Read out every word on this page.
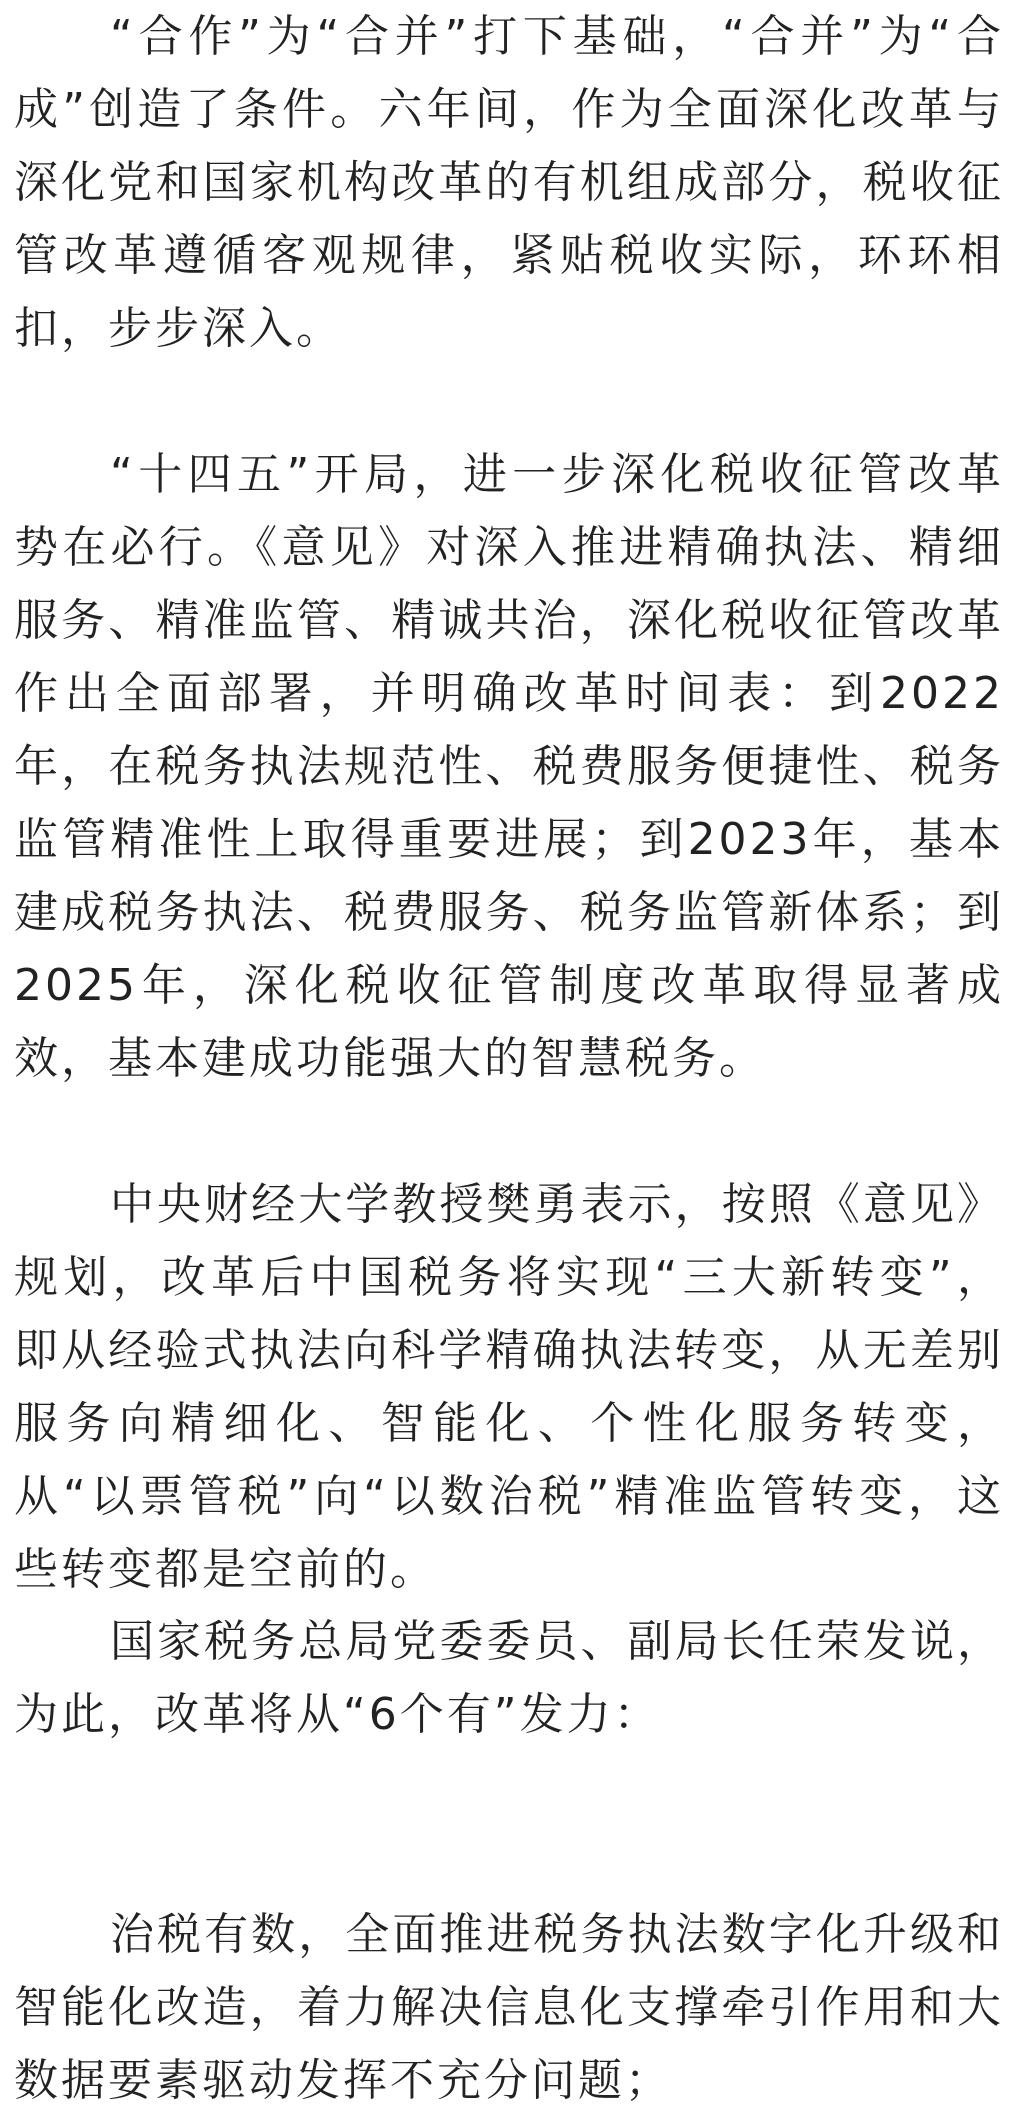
“合作”为“合并”打下基础，“合并”为“合成”创造了条件。六年间，作为全面深化改革与深化党和国家机构改革的有机组成部分，税收征管改革遵循客观规律，紧贴税收实际，环环相扣，步步深入。

“十四五”开局，进一步深化税收征管改革势在必行。《意见》对深入推进精确执法、精细服务、精准监管、精诚共治，深化税收征管改革作出全面部署，并明确改革时间表：到2022年，在税务执法规范性、税费服务便捷性、税务监管精准性上取得重要进展；到2023年，基本建成税务执法、税费服务、税务监管新体系；到2025年，深化税收征管制度改革取得显著成效，基本建成功能强大的智慧税务。

中央财经大学教授樊勇表示，按照《意见》规划，改革后中国税务将实现“三大新转变”，即从经验式执法向科学精确执法转变，从无差别服务向精细化、智能化、个性化服务转变，从“以票管税”向“以数治税”精准监管转变，这些转变都是空前的。

国家税务总局党委委员、副局长任荣发说，为此，改革将从“6个有”发力：

治税有数，全面推进税务执法数字化升级和智能化改造，着力解决信息化支撑牵引作用和大数据要素驱动发挥不充分问题；
